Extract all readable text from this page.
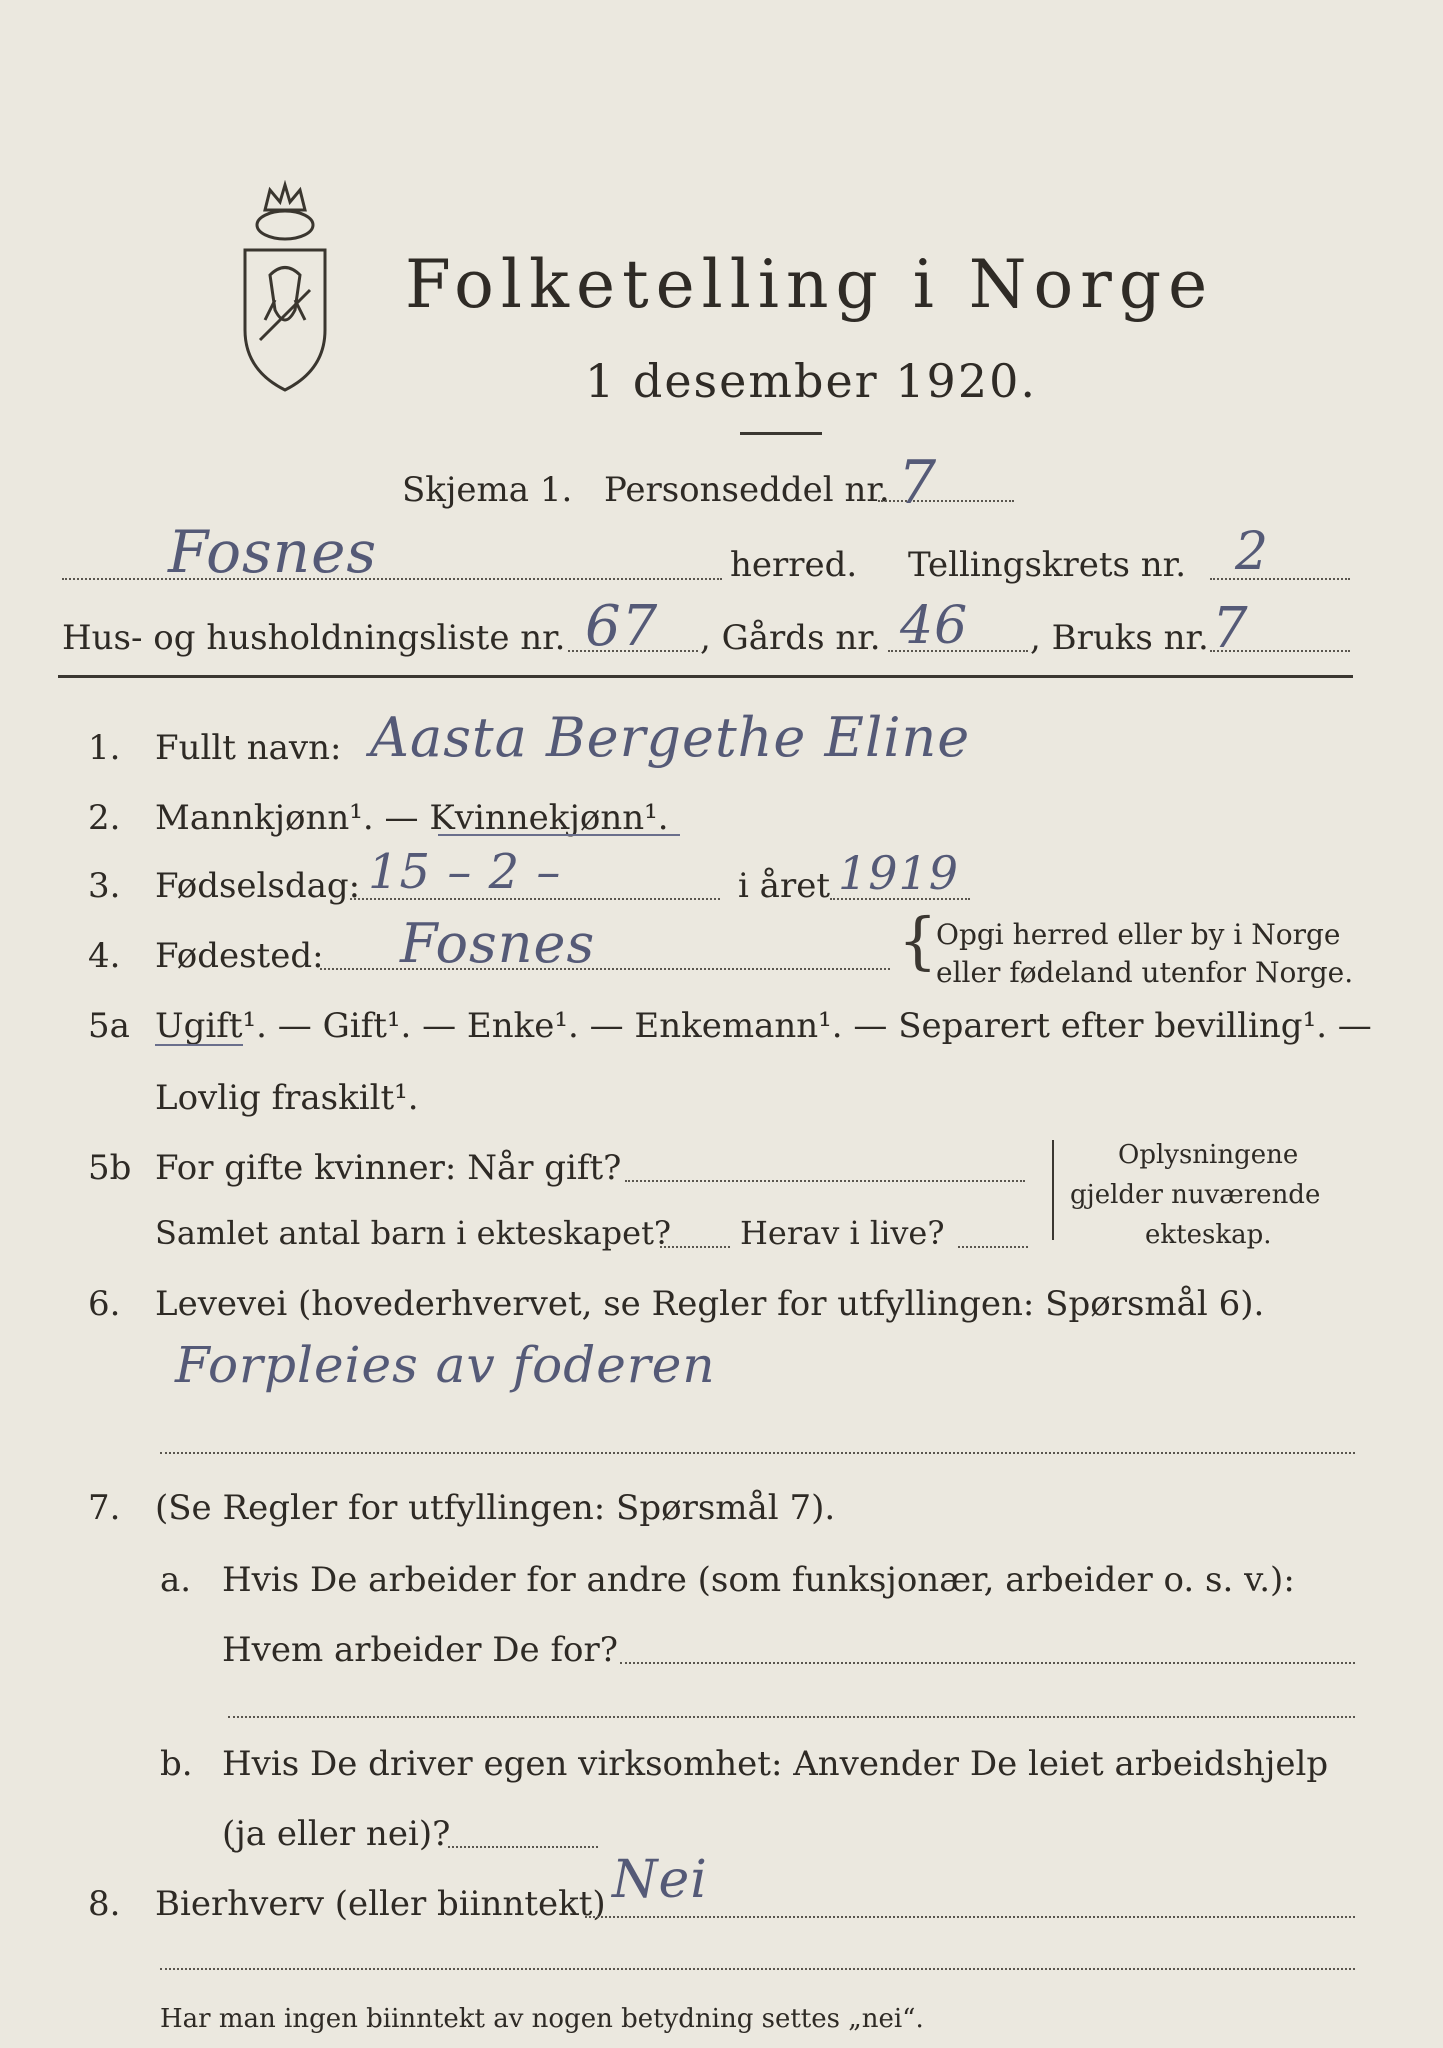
Folketelling i Norge
1 desember 1920.
Skjema 1. Personseddel nr. 7
Fosnes	herred. Tellingskrets nr. 2
Hus- og husholdningsliste nr. 67 , Gårds nr. 46 , Bruks nr. 7
1. Fullt navn: Aasta Bergethe Eline
2. Mannkjønn¹. — Kvinnekjønn¹.
3. Fødselsdag: 15 – 2 –	i året 1919
4. Fødested: Fosnes	{
Opgi herred eller by i Norge
eller fødeland utenfor Norge.
5a Ugift¹. — Gift¹. — Enke¹. — Enkemann¹. — Separert efter bevilling¹. —
Lovlig fraskilt¹.
5b For gifte kvinner: Når gift?
Samlet antal barn i ekteskapet? Herav i live?
Oplysningene
gjelder nuværende
ekteskap.
6. Levevei (hovederhvervet, se Regler for utfyllingen: Spørsmål 6).
Forpleies av foderen
7. (Se Regler for utfyllingen: Spørsmål 7).
a. Hvis De arbeider for andre (som funksjonær, arbeider o. s. v.):
Hvem arbeider De for?
b. Hvis De driver egen virksomhet: Anvender De leiet arbeidshjelp
(ja eller nei)?
8. Bierhverv (eller biinntekt) Nei
Har man ingen biinntekt av nogen betydning settes „nei“.
